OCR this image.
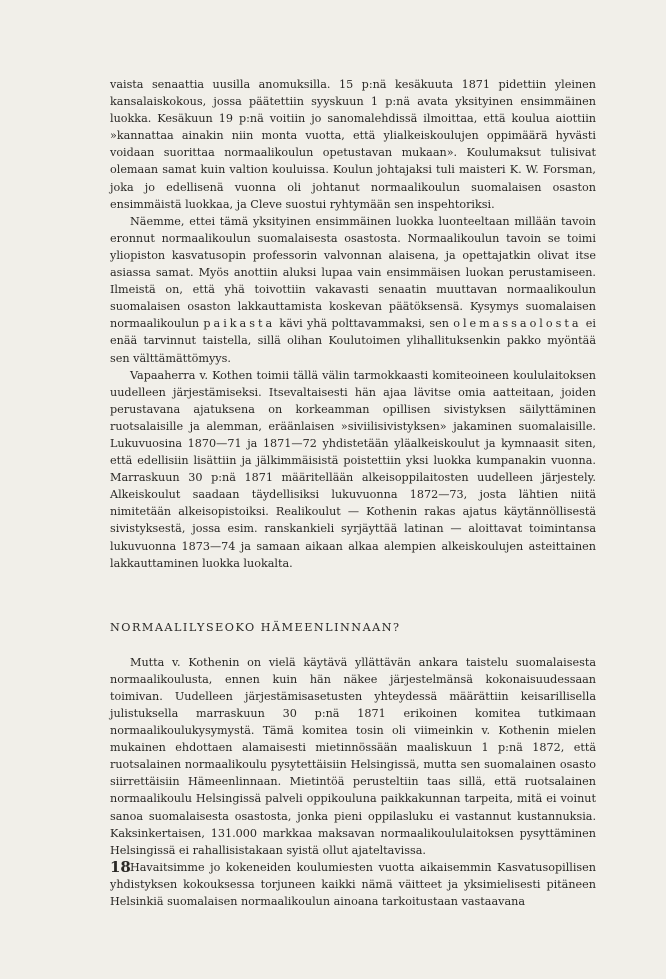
vaista senaattia uusilla anomuksilla. 15 p:nä kesäkuuta 1871 pidettiin yleinen kansalaiskokous, jossa päätettiin syyskuun 1 p:nä avata yksityinen ensimmäinen luokka. Kesäkuun 19 p:nä voitiin jo sanomalehdissä ilmoittaa, että koulua aiottiin »kannattaa ainakin niin monta vuotta, että ylialkeiskoulujen oppimäärä hyvästi voidaan suorittaa normaalikoulun opetustavan mukaan». Koulumaksut tulisivat olemaan samat kuin valtion kouluissa. Koulun johtajaksi tuli maisteri K. W. Forsman, joka jo edellisenä vuonna oli johtanut normaalikoulun suomalaisen osaston ensimmäistä luokkaa, ja Cleve suostui ryhtymään sen inspehtoriksi.

Näemme, ettei tämä yksityinen ensimmäinen luokka luonteeltaan millään tavoin eronnut normaalikoulun suomalaisesta osastosta. Normaalikoulun tavoin se toimi yliopiston kasvatusopin professorin valvonnan alaisena, ja opettajatkin olivat itse asiassa samat. Myös anottiin aluksi lupaa vain ensimmäisen luokan perustamiseen. Ilmeistä on, että yhä toivottiin vakavasti senaatin muuttavan normaalikoulun suomalaisen osaston lakkauttamista koskevan päätöksensä. Kysymys suomalaisen normaalikoulun paikasta kävi yhä polttavammaksi, sen olemassaolosta ei enää tarvinnut taistella, sillä olihan Koulutoimen ylihallituksenkin pakko myöntää sen välttämättömyys.

Vapaaherra v. Kothen toimii tällä välin tarmokkaasti komiteoineen koululaitoksen uudelleen järjestämiseksi. Itsevaltaisesti hän ajaa lävitse omia aatteitaan, joiden perustavana ajatuksena on korkeamman opillisen sivistyksen säilyttäminen ruotsalaisille ja alemman, eräänlaisen »siviilisivistyksen» jakaminen suomalaisille. Lukuvuosina 1870—71 ja 1871—72 yhdistetään yläalkeiskoulut ja kymnaasit siten, että edellisiin lisättiin ja jälkimmäisistä poistettiin yksi luokka kumpanakin vuonna. Marraskuun 30 p:nä 1871 määritellään alkeisoppilaitosten uudelleen järjestely. Alkeiskoulut saadaan täydellisiksi lukuvuonna 1872—73, josta lähtien niitä nimitetään alkeisopistoiksi. Realikoulut — Kothenin rakas ajatus käytännöllisestä sivistyksestä, jossa esim. ranskankieli syrjäyttää latinan — aloittavat toimintansa lukuvuonna 1873—74 ja samaan aikaan alkaa alempien alkeiskoulujen asteittainen lakkauttaminen luokka luokalta.

NORMAALILYSEOKO HÄMEENLINNAAN?

Mutta v. Kothenin on vielä käytävä yllättävän ankara taistelu suomalaisesta normaalikoulusta, ennen kuin hän näkee järjestelmänsä kokonaisuudessaan toimivan. Uudelleen järjestämisasetusten yhteydessä määrättiin keisarillisella julistuksella marraskuun 30 p:nä 1871 erikoinen komitea tutkimaan normaalikoulukysymystä. Tämä komitea tosin oli viimeinkin v. Kothenin mielen mukainen ehdottaen alamaisesti mietinnössään maaliskuun 1 p:nä 1872, että ruotsalainen normaalikoulu pysytettäisiin Helsingissä, mutta sen suomalainen osasto siirrettäisiin Hämeenlinnaan. Mietintöä perusteltiin taas sillä, että ruotsalainen normaalikoulu Helsingissä palveli oppikouluna paikkakunnan tarpeita, mitä ei voinut sanoa suomalaisesta osastosta, jonka pieni oppilasluku ei vastannut kustannuksia. Kaksinkertaisen, 131.000 markkaa maksavan normaalikoululaitoksen pysyttäminen Helsingissä ei rahallisistakaan syistä ollut ajateltavissa.

Havaitsimme jo kokeneiden koulumiesten vuotta aikaisemmin Kasvatusopillisen yhdistyksen kokouksessa torjuneen kaikki nämä väitteet ja yksimielisesti pitäneen Helsinkiä suomalaisen normaalikoulun ainoana tarkoitustaan vastaavana

18
